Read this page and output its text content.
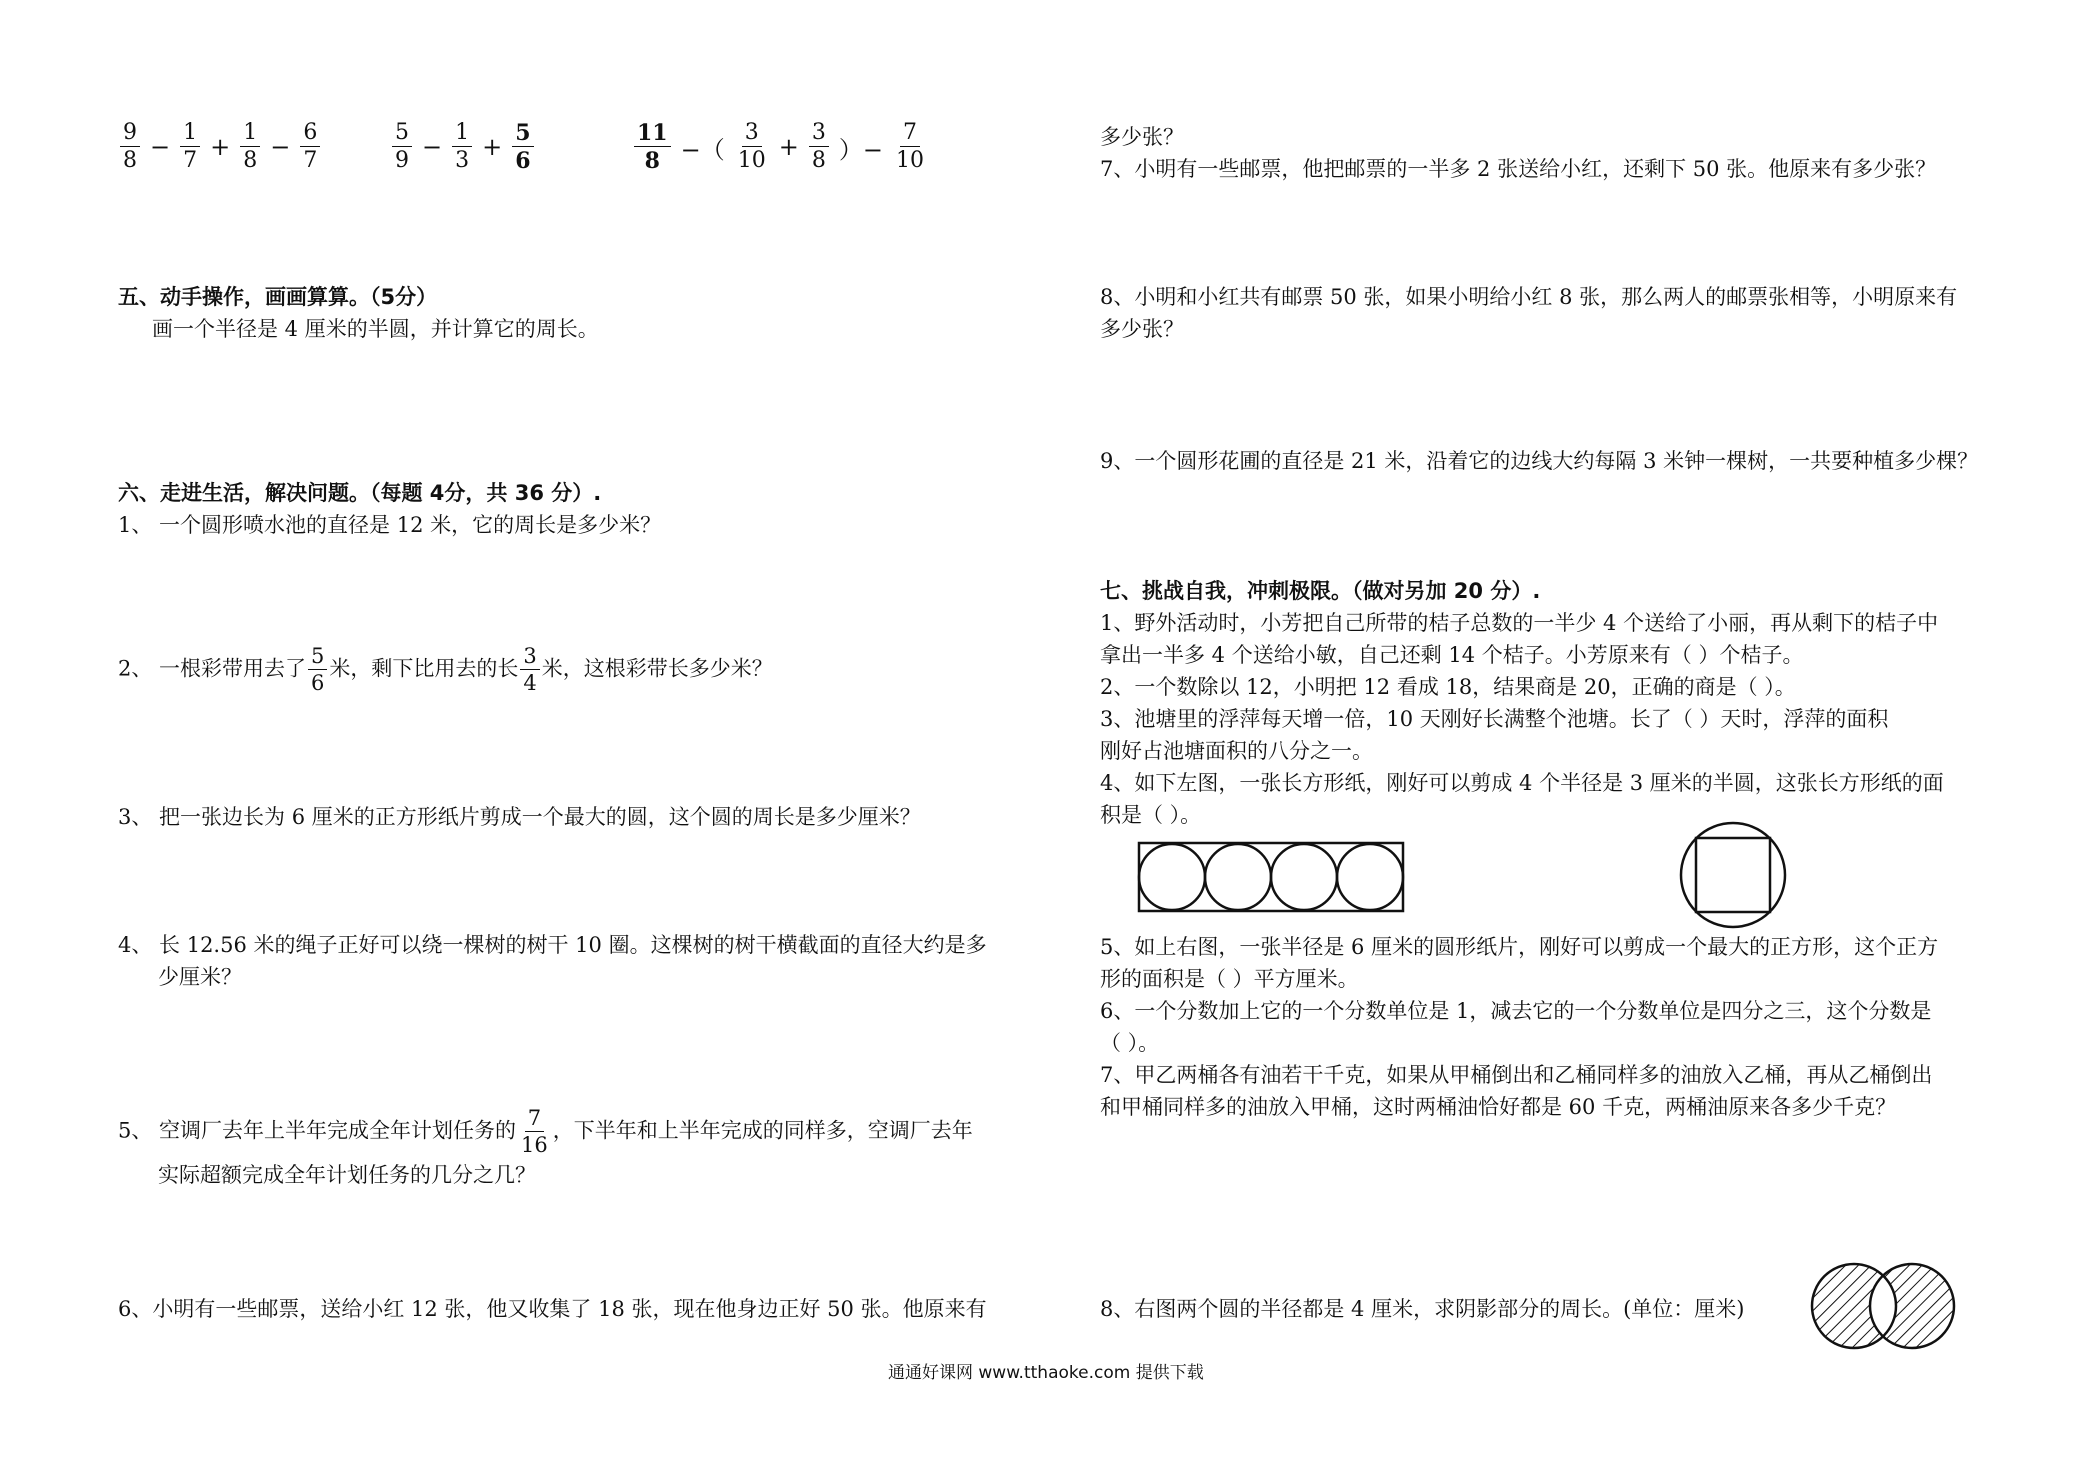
$\frac{9}{8} - \frac{1}{7} + \frac{1}{8} - \frac{6}{7}$	$\frac{5}{9} - \frac{1}{3} + \frac{5}{6}$	$\frac{11}{8}$ −（ $\frac{3}{10} + \frac{3}{8}$ ）− $\frac{7}{10}$
五、动手操作，画画算算。（5分）
画一个半径是 4 厘米的半圆，并计算它的周长。
六、走进生活，解决问题。（每题 4分，共 36 分）.
1、 一个圆形喷水池的直径是 12 米，它的周长是多少米？
2、 一根彩带用去了 $\frac{5}{6}$ 米，剩下比用去的长 $\frac{3}{4}$ 米，这根彩带长多少米？
3、 把一张边长为 6 厘米的正方形纸片剪成一个最大的圆，这个圆的周长是多少厘米？
4、 长 12.56 米的绳子正好可以绕一棵树的树干 10 圈。这棵树的树干横截面的直径大约是多
少厘米？
5、 空调厂去年上半年完成全年计划任务的 $\frac{7}{16}$ ，下半年和上半年完成的同样多，空调厂去年
实际超额完成全年计划任务的几分之几？
6、小明有一些邮票，送给小红 12 张，他又收集了 18 张，现在他身边正好 50 张。他原来有
多少张？
7、小明有一些邮票，他把邮票的一半多 2 张送给小红，还剩下 50 张。他原来有多少张？
8、小明和小红共有邮票 50 张，如果小明给小红 8 张，那么两人的邮票张相等，小明原来有
多少张？
9、一个圆形花圃的直径是 21 米，沿着它的边线大约每隔 3 米钟一棵树，一共要种植多少棵？
七、挑战自我，冲刺极限。（做对另加 20 分）.
1、野外活动时，小芳把自己所带的桔子总数的一半少 4 个送给了小丽，再从剩下的桔子中
拿出一半多 4 个送给小敏，自己还剩 14 个桔子。小芳原来有（ ）个桔子。
2、一个数除以 12，小明把 12 看成 18，结果商是 20，正确的商是（ ）。
3、池塘里的浮萍每天增一倍，10 天刚好长满整个池塘。长了（ ）天时，浮萍的面积
刚好占池塘面积的八分之一。
4、如下左图，一张长方形纸，刚好可以剪成 4 个半径是 3 厘米的半圆，这张长方形纸的面
积是（ ）。
5、如上右图，一张半径是 6 厘米的圆形纸片，刚好可以剪成一个最大的正方形，这个正方
形的面积是（ ）平方厘米。
6、一个分数加上它的一个分数单位是 1，减去它的一个分数单位是四分之三，这个分数是
（ ）。
7、甲乙两桶各有油若干千克，如果从甲桶倒出和乙桶同样多的油放入乙桶，再从乙桶倒出
和甲桶同样多的油放入甲桶，这时两桶油恰好都是 60 千克，两桶油原来各多少千克？
8、右图两个圆的半径都是 4 厘米，求阴影部分的周长。(单位：厘米)
通通好课网 www.tthaoke.com 提供下载
